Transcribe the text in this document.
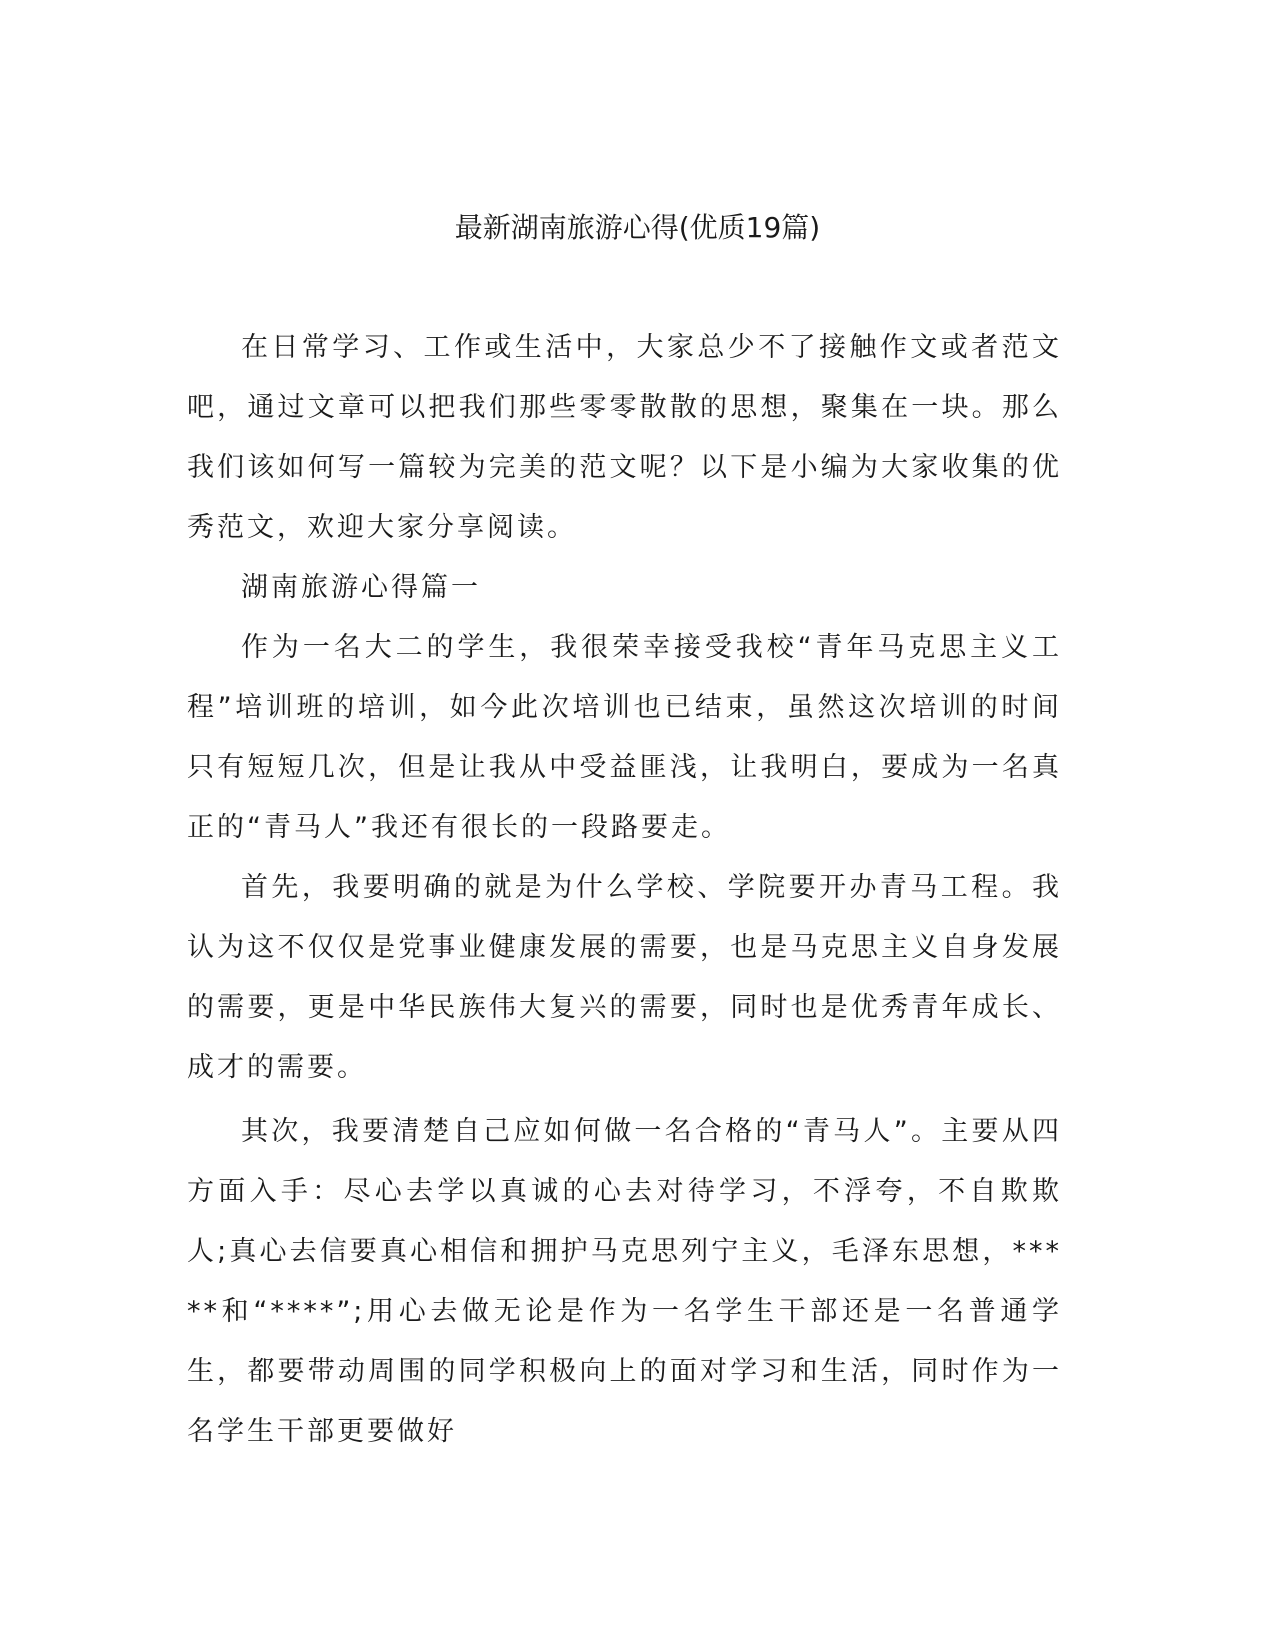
最新湖南旅游心得(优质19篇)

在日常学习、工作或生活中，大家总少不了接触作文或者范文吧，通过文章可以把我们那些零零散散的思想，聚集在一块。那么我们该如何写一篇较为完美的范文呢？以下是小编为大家收集的优秀范文，欢迎大家分享阅读。

湖南旅游心得篇一

作为一名大二的学生，我很荣幸接受我校“青年马克思主义工程”培训班的培训，如今此次培训也已结束，虽然这次培训的时间只有短短几次，但是让我从中受益匪浅，让我明白，要成为一名真正的“青马人”我还有很长的一段路要走。

首先，我要明确的就是为什么学校、学院要开办青马工程。我认为这不仅仅是党事业健康发展的需要，也是马克思主义自身发展的需要，更是中华民族伟大复兴的需要，同时也是优秀青年成长、成才的需要。

其次，我要清楚自己应如何做一名合格的“青马人”。主要从四方面入手：尽心去学以真诚的心去对待学习，不浮夸，不自欺欺人;真心去信要真心相信和拥护马克思列宁主义，毛泽东思想，*****和“****”;用心去做无论是作为一名学生干部还是一名普通学生，都要带动周围的同学积极向上的面对学习和生活，同时作为一名学生干部更要做好
